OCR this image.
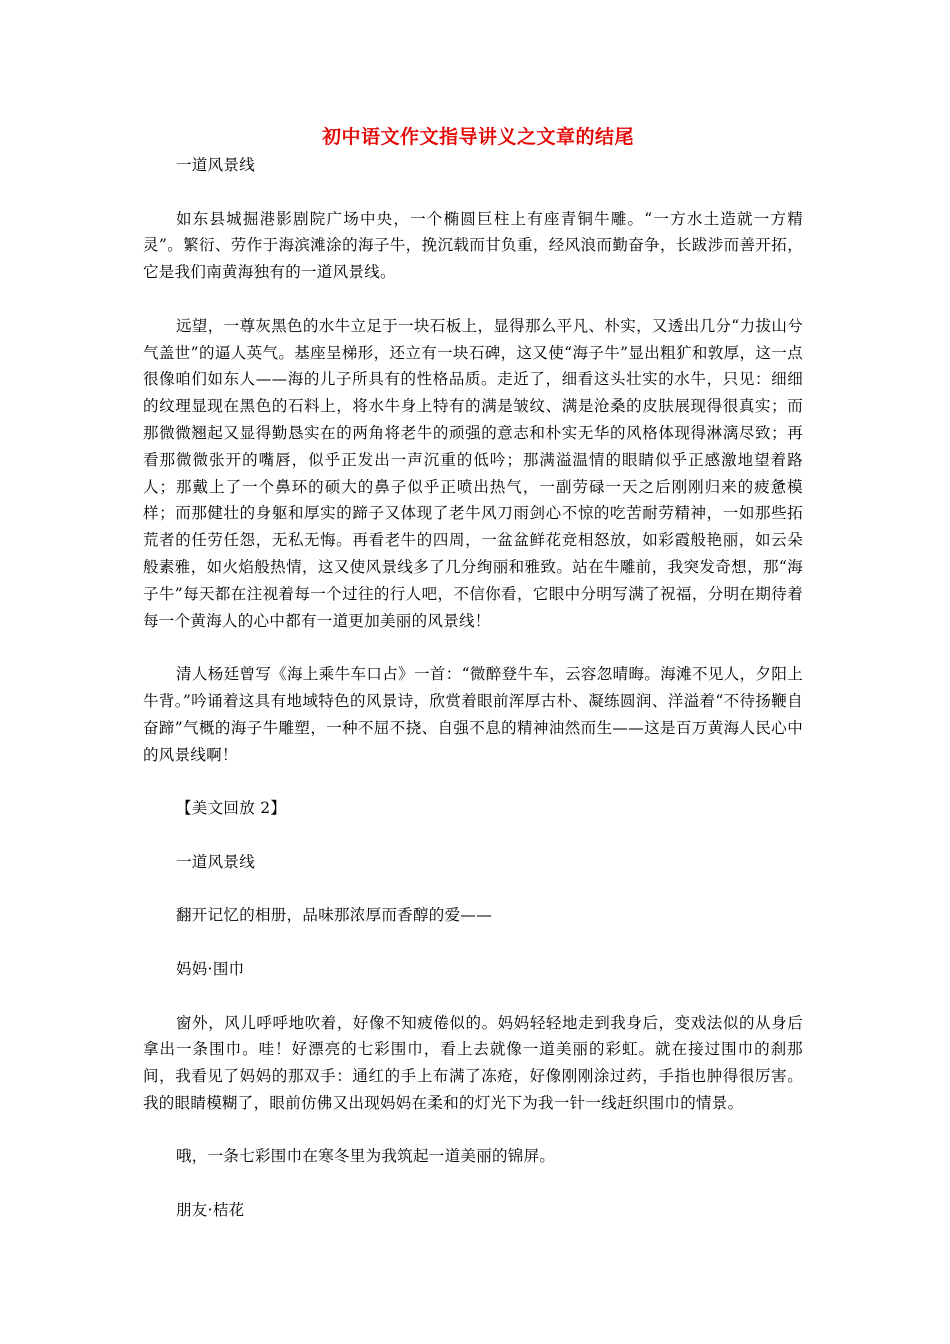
初中语文作文指导讲义之文章的结尾

一道风景线

如东县城掘港影剧院广场中央，一个椭圆巨柱上有座青铜牛雕。“一方水土造就一方精灵”。繁衍、劳作于海滨滩涂的海子牛，挽沉载而甘负重，经风浪而勤奋争，长跋涉而善开拓，它是我们南黄海独有的一道风景线。

远望，一尊灰黑色的水牛立足于一块石板上，显得那么平凡、朴实，又透出几分“力拔山兮气盖世”的逼人英气。基座呈梯形，还立有一块石碑，这又使“海子牛”显出粗犷和敦厚，这一点很像咱们如东人——海的儿子所具有的性格品质。走近了，细看这头壮实的水牛，只见：细细的纹理显现在黑色的石料上，将水牛身上特有的满是皱纹、满是沧桑的皮肤展现得很真实；而那微微翘起又显得勤恳实在的两角将老牛的顽强的意志和朴实无华的风格体现得淋漓尽致；再看那微微张开的嘴唇，似乎正发出一声沉重的低吟；那满溢温情的眼睛似乎正感激地望着路人；那戴上了一个鼻环的硕大的鼻子似乎正喷出热气，一副劳碌一天之后刚刚归来的疲惫模样；而那健壮的身躯和厚实的蹄子又体现了老牛风刀雨剑心不惊的吃苦耐劳精神，一如那些拓荒者的任劳任怨，无私无悔。再看老牛的四周，一盆盆鲜花竞相怒放，如彩霞般艳丽，如云朵般素雅，如火焰般热情，这又使风景线多了几分绚丽和雅致。站在牛雕前，我突发奇想，那“海子牛”每天都在注视着每一个过往的行人吧，不信你看，它眼中分明写满了祝福，分明在期待着每一个黄海人的心中都有一道更加美丽的风景线！

清人杨廷曾写《海上乘牛车口占》一首：“微醉登牛车，云容忽晴晦。海滩不见人，夕阳上牛背。”吟诵着这具有地域特色的风景诗，欣赏着眼前浑厚古朴、凝练圆润、洋溢着“不待扬鞭自奋蹄”气概的海子牛雕塑，一种不屈不挠、自强不息的精神油然而生——这是百万黄海人民心中的风景线啊！

【美文回放 2】

一道风景线

翻开记忆的相册，品味那浓厚而香醇的爱——

妈妈·围巾

窗外，风儿呼呼地吹着，好像不知疲倦似的。妈妈轻轻地走到我身后，变戏法似的从身后拿出一条围巾。哇！好漂亮的七彩围巾，看上去就像一道美丽的彩虹。就在接过围巾的刹那间，我看见了妈妈的那双手：通红的手上布满了冻疮，好像刚刚涂过药，手指也肿得很厉害。我的眼睛模糊了，眼前仿佛又出现妈妈在柔和的灯光下为我一针一线赶织围巾的情景。

哦，一条七彩围巾在寒冬里为我筑起一道美丽的锦屏。

朋友·桔花
